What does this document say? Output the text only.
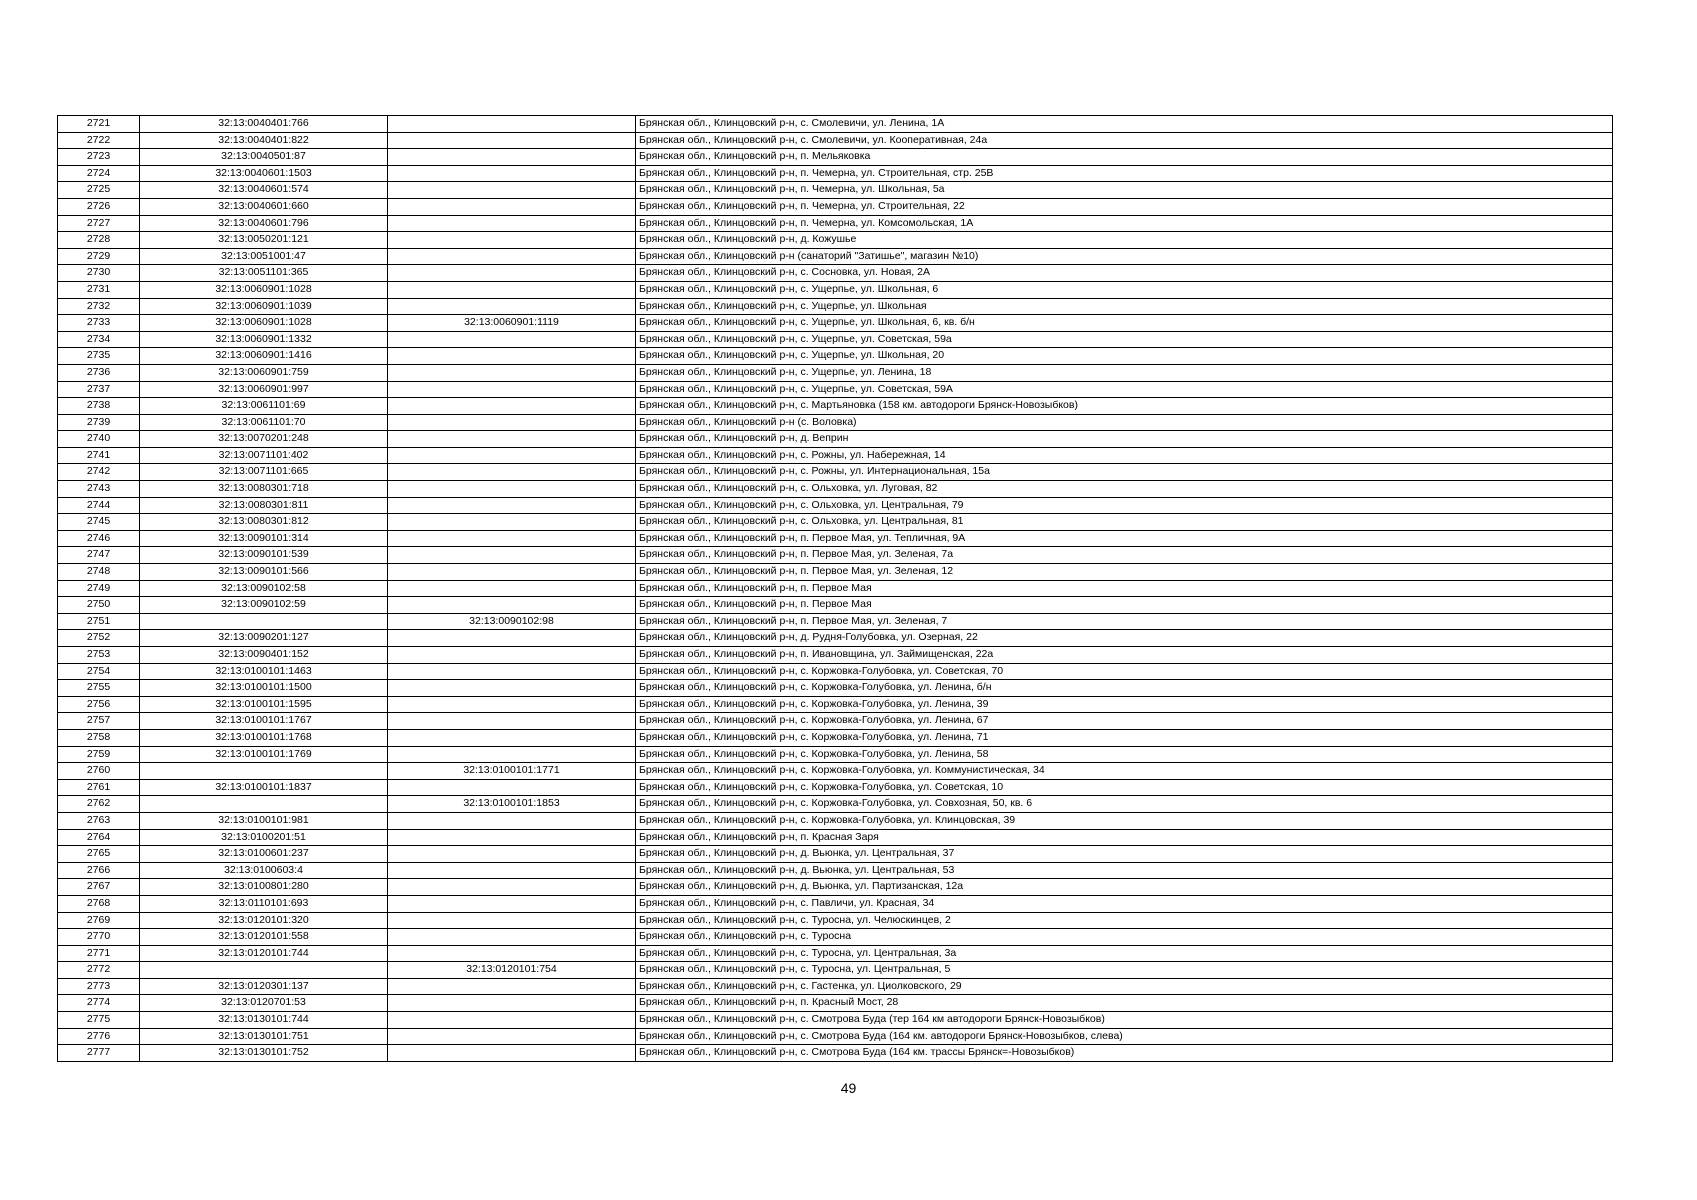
2721	32:13:0040401:766		Брянская обл., Клинцовский р-н, с. Смолевичи, ул. Ленина, 1А
2722	32:13:0040401:822		Брянская обл., Клинцовский р-н, с. Смолевичи, ул. Кооперативная, 24а
2723	32:13:0040501:87		Брянская обл., Клинцовский р-н, п. Мельяковка
2724	32:13:0040601:1503		Брянская обл., Клинцовский р-н, п. Чемерна, ул. Строительная, стр. 25В
2725	32:13:0040601:574		Брянская обл., Клинцовский р-н, п. Чемерна, ул. Школьная, 5а
2726	32:13:0040601:660		Брянская обл., Клинцовский р-н, п. Чемерна, ул. Строительная, 22
2727	32:13:0040601:796		Брянская обл., Клинцовский р-н, п. Чемерна, ул. Комсомольская, 1А
2728	32:13:0050201:121		Брянская обл., Клинцовский р-н, д. Кожушье
2729	32:13:0051001:47		Брянская обл., Клинцовский р-н (санаторий "Затишье", магазин №10)
2730	32:13:0051101:365		Брянская обл., Клинцовский р-н, с. Сосновка, ул. Новая, 2А
2731	32:13:0060901:1028		Брянская обл., Клинцовский р-н, с. Ущерпье, ул. Школьная, 6
2732	32:13:0060901:1039		Брянская обл., Клинцовский р-н, с. Ущерпье, ул. Школьная
2733	32:13:0060901:1028	32:13:0060901:1119	Брянская обл., Клинцовский р-н, с. Ущерпье, ул. Школьная, 6, кв. б/н
2734	32:13:0060901:1332		Брянская обл., Клинцовский р-н, с. Ущерпье, ул. Советская, 59а
2735	32:13:0060901:1416		Брянская обл., Клинцовский р-н, с. Ущерпье, ул. Школьная, 20
2736	32:13:0060901:759		Брянская обл., Клинцовский р-н, с. Ущерпье, ул. Ленина, 18
2737	32:13:0060901:997		Брянская обл., Клинцовский р-н, с. Ущерпье, ул. Советская, 59А
2738	32:13:0061101:69		Брянская обл., Клинцовский р-н, с. Мартьяновка (158 км. автодороги Брянск-Новозыбков)
2739	32:13:0061101:70		Брянская обл., Клинцовский р-н (с. Воловка)
2740	32:13:0070201:248		Брянская обл., Клинцовский р-н, д. Веприн
2741	32:13:0071101:402		Брянская обл., Клинцовский р-н, с. Рожны, ул. Набережная, 14
2742	32:13:0071101:665		Брянская обл., Клинцовский р-н, с. Рожны, ул. Интернациональная, 15а
2743	32:13:0080301:718		Брянская обл., Клинцовский р-н, с. Ольховка, ул. Луговая, 82
2744	32:13:0080301:811		Брянская обл., Клинцовский р-н, с. Ольховка, ул. Центральная, 79
2745	32:13:0080301:812		Брянская обл., Клинцовский р-н, с. Ольховка, ул. Центральная, 81
2746	32:13:0090101:314		Брянская обл., Клинцовский р-н, п. Первое Мая, ул. Тепличная, 9А
2747	32:13:0090101:539		Брянская обл., Клинцовский р-н, п. Первое Мая, ул. Зеленая, 7а
2748	32:13:0090101:566		Брянская обл., Клинцовский р-н, п. Первое Мая, ул. Зеленая, 12
2749	32:13:0090102:58		Брянская обл., Клинцовский р-н, п. Первое Мая
2750	32:13:0090102:59		Брянская обл., Клинцовский р-н, п. Первое Мая
2751		32:13:0090102:98	Брянская обл., Клинцовский р-н, п. Первое Мая, ул. Зеленая, 7
2752	32:13:0090201:127		Брянская обл., Клинцовский р-н, д. Рудня-Голубовка, ул. Озерная, 22
2753	32:13:0090401:152		Брянская обл., Клинцовский р-н, п. Ивановщина, ул. Займищенская, 22а
2754	32:13:0100101:1463		Брянская обл., Клинцовский р-н, с. Коржовка-Голубовка, ул. Советская, 70
2755	32:13:0100101:1500		Брянская обл., Клинцовский р-н, с. Коржовка-Голубовка, ул. Ленина, б/н
2756	32:13:0100101:1595		Брянская обл., Клинцовский р-н, с. Коржовка-Голубовка, ул. Ленина, 39
2757	32:13:0100101:1767		Брянская обл., Клинцовский р-н, с. Коржовка-Голубовка, ул. Ленина, 67
2758	32:13:0100101:1768		Брянская обл., Клинцовский р-н, с. Коржовка-Голубовка, ул. Ленина, 71
2759	32:13:0100101:1769		Брянская обл., Клинцовский р-н, с. Коржовка-Голубовка, ул. Ленина, 58
2760		32:13:0100101:1771	Брянская обл., Клинцовский р-н, с. Коржовка-Голубовка, ул. Коммунистическая, 34
2761	32:13:0100101:1837		Брянская обл., Клинцовский р-н, с. Коржовка-Голубовка, ул. Советская, 10
2762		32:13:0100101:1853	Брянская обл., Клинцовский р-н, с. Коржовка-Голубовка, ул. Совхозная, 50, кв. 6
2763	32:13:0100101:981		Брянская обл., Клинцовский р-н, с. Коржовка-Голубовка, ул. Клинцовская, 39
2764	32:13:0100201:51		Брянская обл., Клинцовский р-н, п. Красная Заря
2765	32:13:0100601:237		Брянская обл., Клинцовский р-н, д. Вьюнка, ул. Центральная, 37
2766	32:13:0100603:4		Брянская обл., Клинцовский р-н, д. Вьюнка, ул. Центральная, 53
2767	32:13:0100801:280		Брянская обл., Клинцовский р-н, д. Вьюнка, ул. Партизанская, 12а
2768	32:13:0110101:693		Брянская обл., Клинцовский р-н, с. Павличи, ул. Красная, 34
2769	32:13:0120101:320		Брянская обл., Клинцовский р-н, с. Туросна, ул. Челюскинцев, 2
2770	32:13:0120101:558		Брянская обл., Клинцовский р-н, с. Туросна
2771	32:13:0120101:744		Брянская обл., Клинцовский р-н, с. Туросна, ул. Центральная, 3а
2772		32:13:0120101:754	Брянская обл., Клинцовский р-н, с. Туросна, ул. Центральная, 5
2773	32:13:0120301:137		Брянская обл., Клинцовский р-н, с. Гастенка, ул. Циолковского, 29
2774	32:13:0120701:53		Брянская обл., Клинцовский р-н, п. Красный Мост, 28
2775	32:13:0130101:744		Брянская обл., Клинцовский р-н, с. Смотрова Буда (тер 164 км автодороги Брянск-Новозыбков)
2776	32:13:0130101:751		Брянская обл., Клинцовский р-н, с. Смотрова Буда (164 км. автодороги Брянск-Новозыбков, слева)
2777	32:13:0130101:752		Брянская обл., Клинцовский р-н, с. Смотрова Буда (164 км. трассы Брянск=-Новозыбков)
49
